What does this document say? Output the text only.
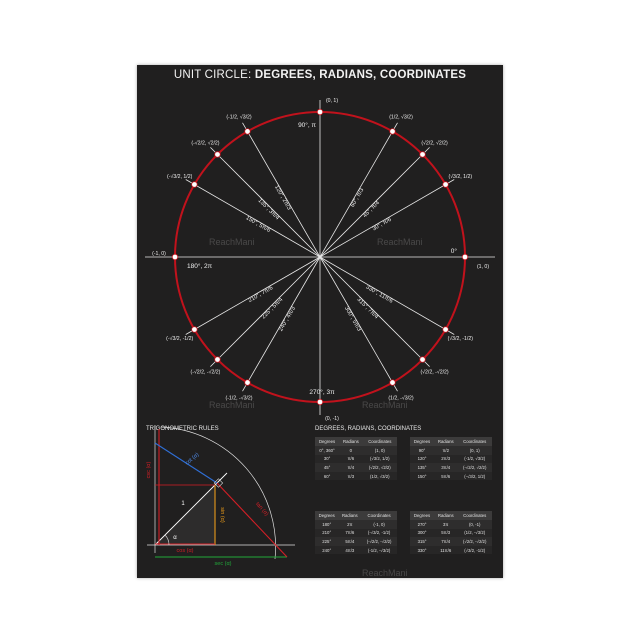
UNIT CIRCLE: DEGREES, RADIANS, COORDINATES
(1, 0)
0°
(√3/2, 1/2)
30°, π/6
(√2/2, √2/2)
45°, π/4
(1/2, √3/2)
60°, π/3
(0, 1)
90°, π
(-1/2, √3/2)
120°, 2π/3
(-√2/2, √2/2)
135°, 3π/4
(-√3/2, 1/2)
150°, 5π/6
(-1, 0)
180°, 2π
(-√3/2, -1/2)
210°, 7π/6
(-√2/2, -√2/2)
225°, 5π/4
(-1/2, -√3/2)
240°, 4π/3
(0, -1)
270°, 3π
(1/2, -√3/2)
300°, 5π/3
(√2/2, -√2/2)
315°, 7π/4
(√3/2, -1/2)
330°, 11π/6
ReachMani	ReachMani
ReachMani	ReachMani
ReachMani
TRIGONOMETRIC RULES
cot (α)
csc (α)
sin (α)	tan (α)
cos (α)
sec (α)
1
α
DEGREES, RADIANS, COORDINATES
Degrees	Radians	Coordinates
0°, 360°	0	(1, 0)
30°	π/6	(√3/2, 1/2)
45°	π/4	(√2/2, √2/2)
60°	π/3	(1/2, √3/2)
Degrees	Radians	Coordinates
90°	π/2	(0, 1)
120°	2π/3	(-1/2, √3/2)
135°	3π/4	(-√2/2, √2/2)
150°	5π/6	(-√3/2, 1/2)
Degrees	Radians	Coordinates
180°	2π	(-1, 0)
210°	7π/6	(-√3/2, -1/2)
225°	5π/4	(-√2/2, -√2/2)
240°	4π/3	(-1/2, -√3/2)
Degrees	Radians	Coordinates
270°	3π	(0, -1)
300°	5π/3	(1/2, -√3/2)
315°	7π/4	(√2/2, -√2/2)
330°	11π/6	(√3/2, -1/2)
